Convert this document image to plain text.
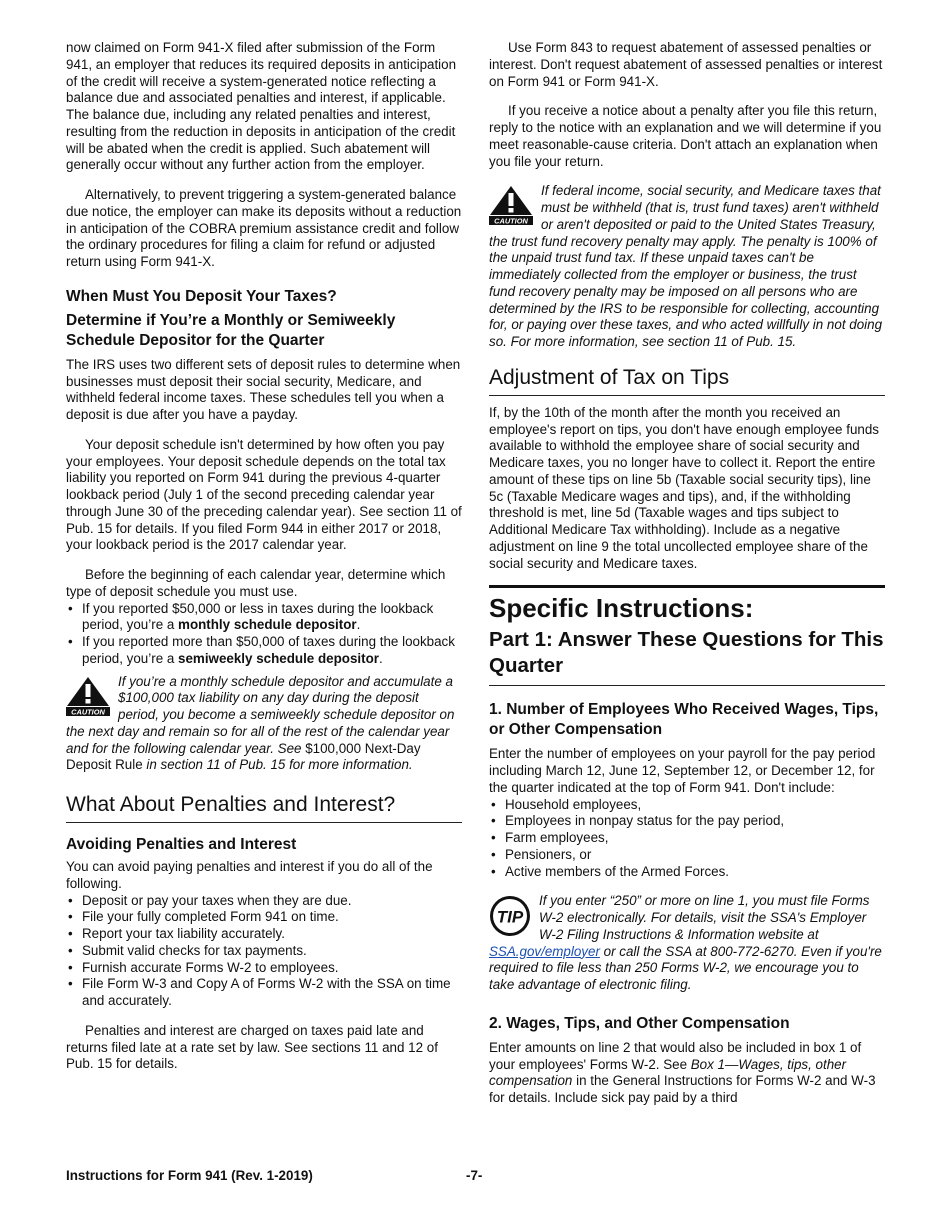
now claimed on Form 941-X filed after submission of the Form 941, an employer that reduces its required deposits in anticipation of the credit will receive a system-generated notice reflecting a balance due and associated penalties and interest, if applicable. The balance due, including any related penalties and interest, resulting from the reduction in deposits in anticipation of the credit will be abated when the credit is applied. Such abatement will generally occur without any further action from the employer.

Alternatively, to prevent triggering a system-generated balance due notice, the employer can make its deposits without a reduction in anticipation of the COBRA premium assistance credit and follow the ordinary procedures for filing a claim for refund or adjusted return using Form 941-X.

When Must You Deposit Your Taxes?
Determine if You’re a Monthly or Semiweekly Schedule Depositor for the Quarter

The IRS uses two different sets of deposit rules to determine when businesses must deposit their social security, Medicare, and withheld federal income taxes. These schedules tell you when a deposit is due after you have a payday.

Your deposit schedule isn't determined by how often you pay your employees. Your deposit schedule depends on the total tax liability you reported on Form 941 during the previous 4-quarter lookback period (July 1 of the second preceding calendar year through June 30 of the preceding calendar year). See section 11 of Pub. 15 for details. If you filed Form 944 in either 2017 or 2018, your lookback period is the 2017 calendar year.

Before the beginning of each calendar year, determine which type of deposit schedule you must use.
• If you reported $50,000 or less in taxes during the lookback period, you’re a monthly schedule depositor.
• If you reported more than $50,000 of taxes during the lookback period, you’re a semiweekly schedule depositor.
CAUTION
If you’re a monthly schedule depositor and accumulate a $100,000 tax liability on any day during the deposit period, you become a semiweekly schedule depositor on the next day and remain so for all of the rest of the calendar year and for the following calendar year. See $100,000 Next-Day Deposit Rule in section 11 of Pub. 15 for more information.
What About Penalties and Interest?
Avoiding Penalties and Interest
You can avoid paying penalties and interest if you do all of the following.
• Deposit or pay your taxes when they are due.
• File your fully completed Form 941 on time.
• Report your tax liability accurately.
• Submit valid checks for tax payments.
• Furnish accurate Forms W-2 to employees.
• File Form W-3 and Copy A of Forms W-2 with the SSA on time and accurately.

Penalties and interest are charged on taxes paid late and returns filed late at a rate set by law. See sections 11 and 12 of Pub. 15 for details.

Use Form 843 to request abatement of assessed penalties or interest. Don't request abatement of assessed penalties or interest on Form 941 or Form 941-X.

If you receive a notice about a penalty after you file this return, reply to the notice with an explanation and we will determine if you meet reasonable-cause criteria. Don't attach an explanation when you file your return.

CAUTION
If federal income, social security, and Medicare taxes that must be withheld (that is, trust fund taxes) aren't withheld or aren't deposited or paid to the United States Treasury, the trust fund recovery penalty may apply. The penalty is 100% of the unpaid trust fund tax. If these unpaid taxes can't be immediately collected from the employer or business, the trust fund recovery penalty may be imposed on all persons who are determined by the IRS to be responsible for collecting, accounting for, or paying over these taxes, and who acted willfully in not doing so. For more information, see section 11 of Pub. 15.
Adjustment of Tax on Tips

If, by the 10th of the month after the month you received an employee's report on tips, you don't have enough employee funds available to withhold the employee share of social security and Medicare taxes, you no longer have to collect it. Report the entire amount of these tips on line 5b (Taxable social security tips), line 5c (Taxable Medicare wages and tips), and, if the withholding threshold is met, line 5d (Taxable wages and tips subject to Additional Medicare Tax withholding). Include as a negative adjustment on line 9 the total uncollected employee share of the social security and Medicare taxes.

Specific Instructions:
Part 1: Answer These Questions for This Quarter
1. Number of Employees Who Received Wages, Tips, or Other Compensation
Enter the number of employees on your payroll for the pay period including March 12, June 12, September 12, or December 12, for the quarter indicated at the top of Form 941. Don't include:
• Household employees,
• Employees in nonpay status for the pay period,
• Farm employees,
• Pensioners, or
• Active members of the Armed Forces.
TIP
If you enter “250” or more on line 1, you must file Forms W-2 electronically. For details, visit the SSA's Employer W-2 Filing Instructions & Information website at SSA.gov/employer or call the SSA at 800-772-6270. Even if you're required to file less than 250 Forms W-2, we encourage you to take advantage of electronic filing.
2. Wages, Tips, and Other Compensation

Enter amounts on line 2 that would also be included in box 1 of your employees' Forms W-2. See Box 1—Wages, tips, other compensation in the General Instructions for Forms W-2 and W-3 for details. Include sick pay paid by a third

Instructions for Form 941 (Rev. 1-2019)	-7-
